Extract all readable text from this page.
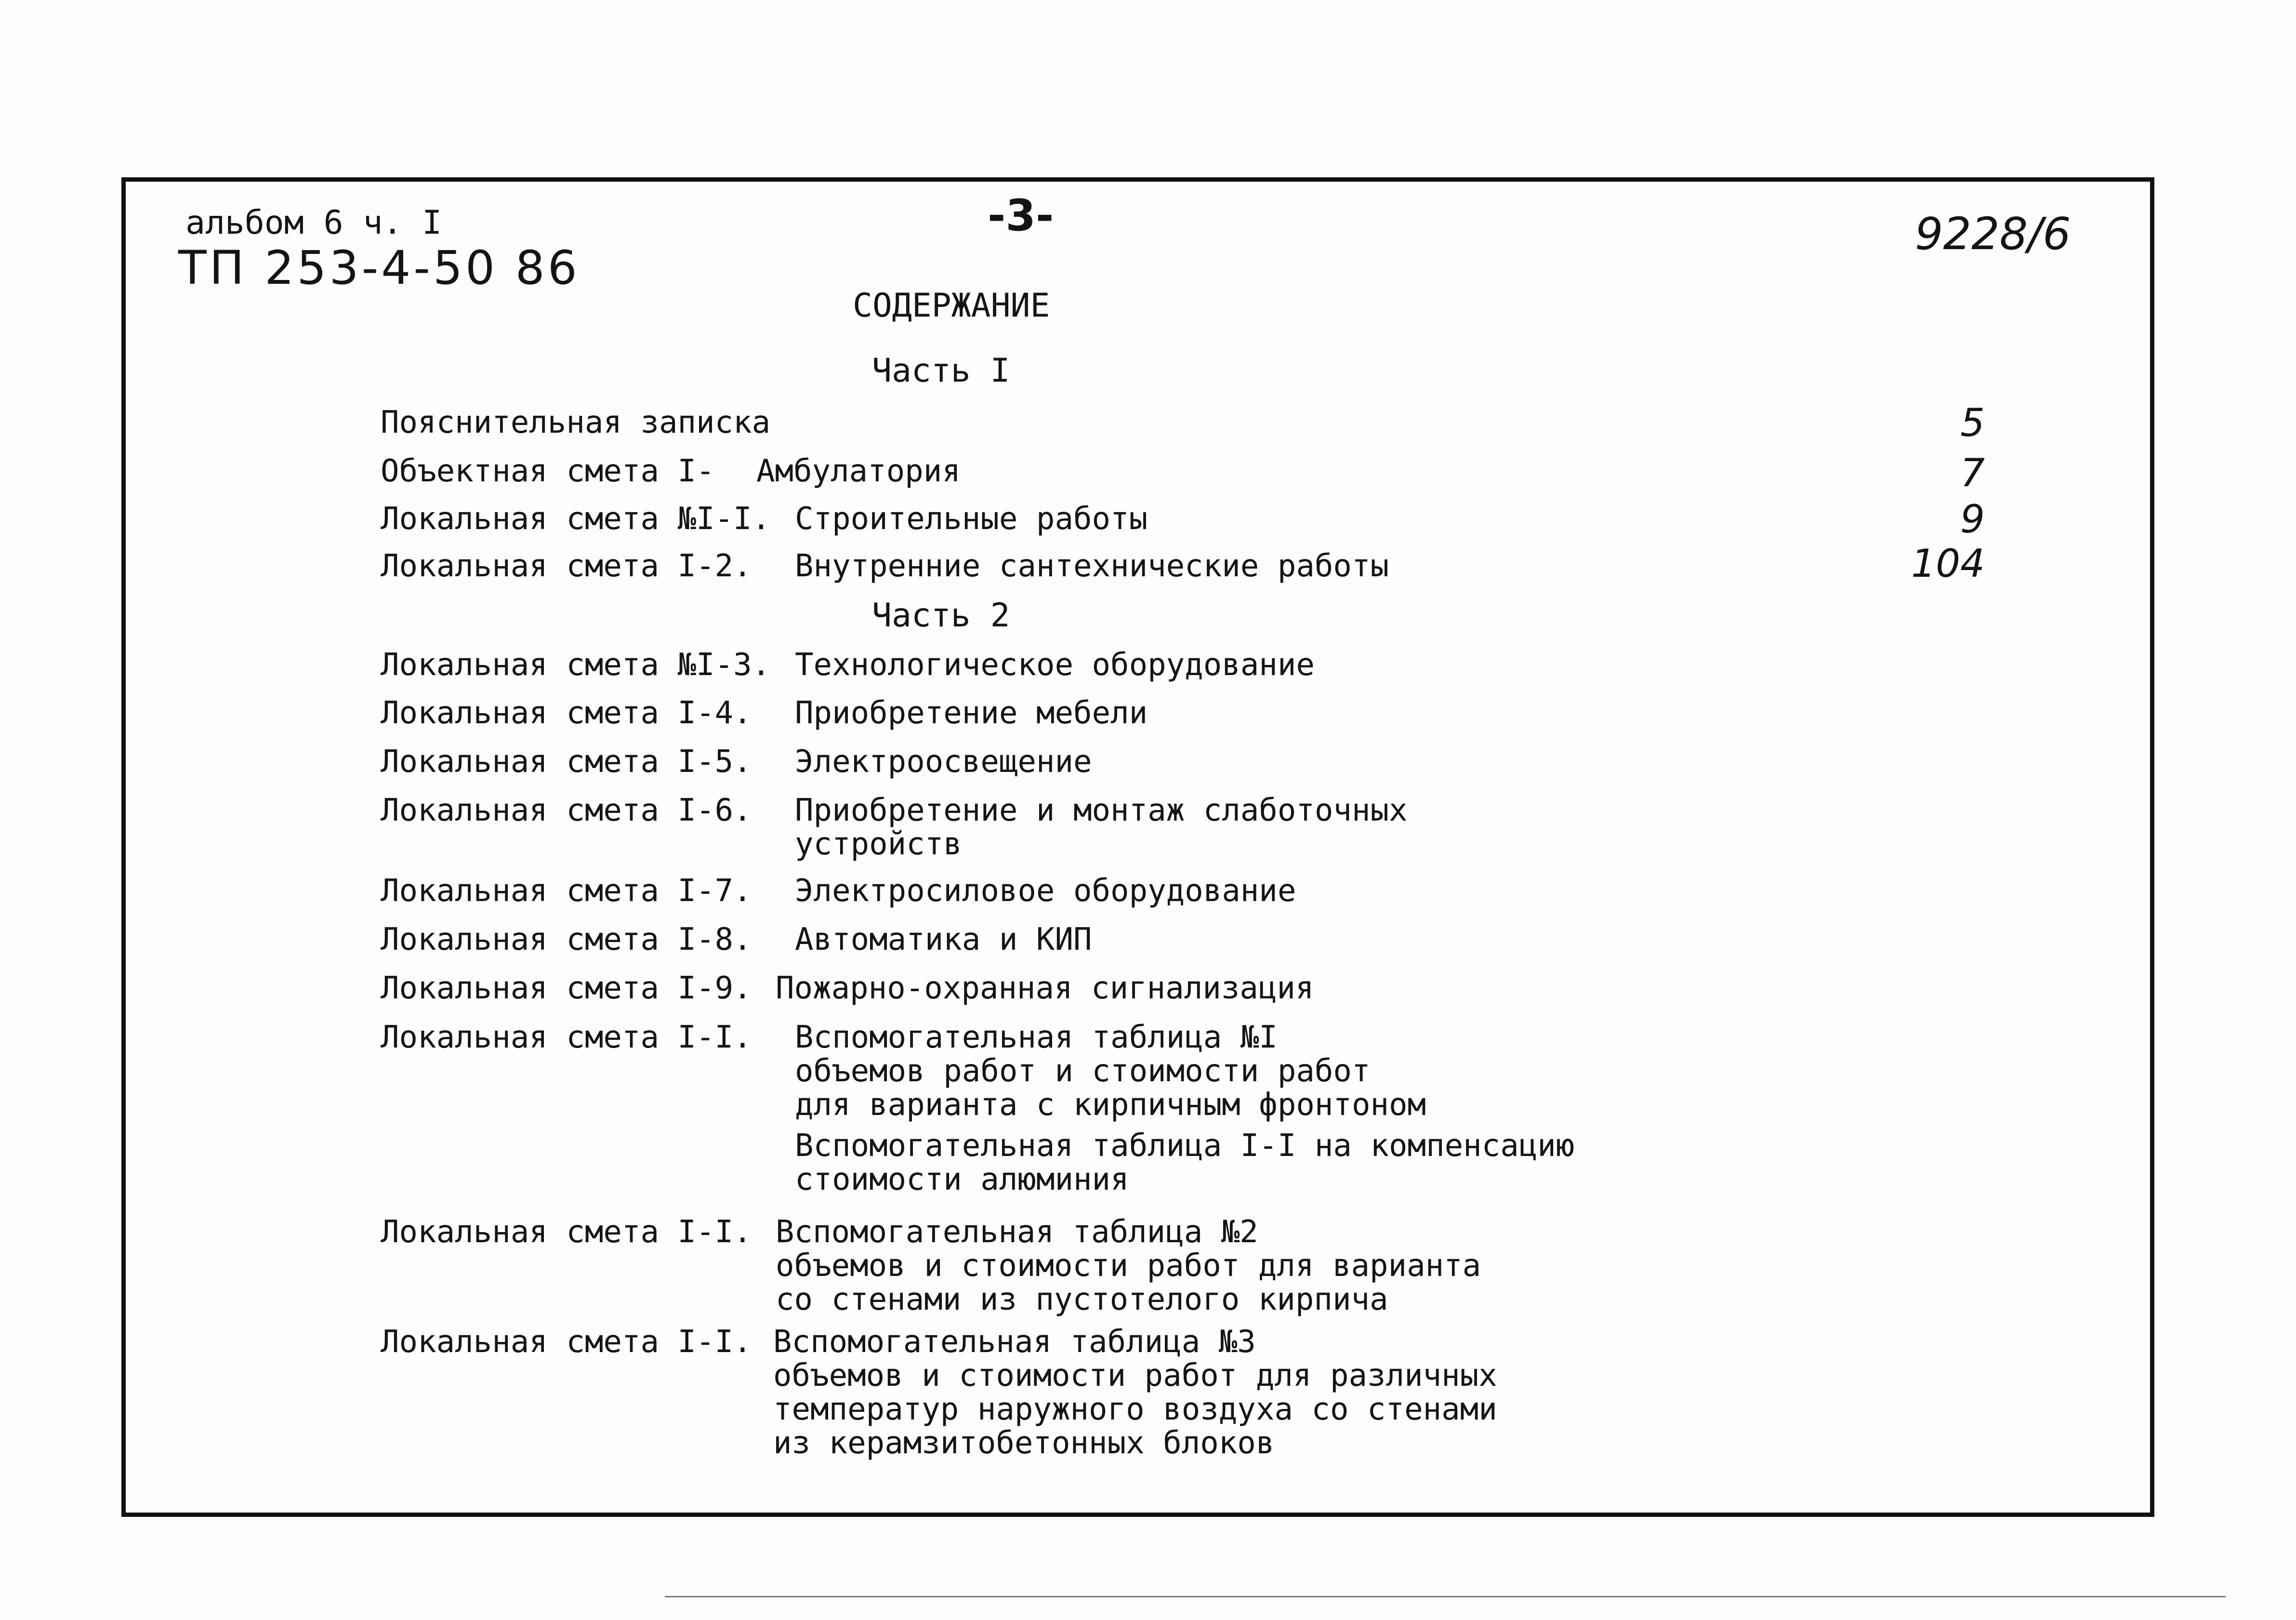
альбом 6 ч. I
ТП 253-4-50 86
-3-	9228/6
СОДЕРЖАНИЕ
Часть I
Часть 2
Пояснительная записка	5
Объектная смета I- Амбулатория	7
Локальная смета №I-I. Строительные работы	9
Локальная смета I-2. Внутренние сантехнические работы	104
Локальная смета №I-3. Технологическое оборудование
Локальная смета I-4. Приобретение мебели
Локальная смета I-5. Электроосвещение
Локальная смета I-6. Приобретение и монтаж слаботочных
устройств
Локальная смета I-7. Электросиловое оборудование
Локальная смета I-8. Автоматика и КИП
Локальная смета I-9. Пожарно-охранная сигнализация
Локальная смета I-I. Вспомогательная таблица №I
объемов работ и стоимости работ
для варианта с кирпичным фронтоном
Вспомогательная таблица I-I на компенсацию
стоимости алюминия
Локальная смета I-I. Вспомогательная таблица №2
объемов и стоимости работ для варианта
со стенами из пустотелого кирпича
Локальная смета I-I. Вспомогательная таблица №3
объемов и стоимости работ для различных
температур наружного воздуха со стенами
из керамзитобетонных блоков
